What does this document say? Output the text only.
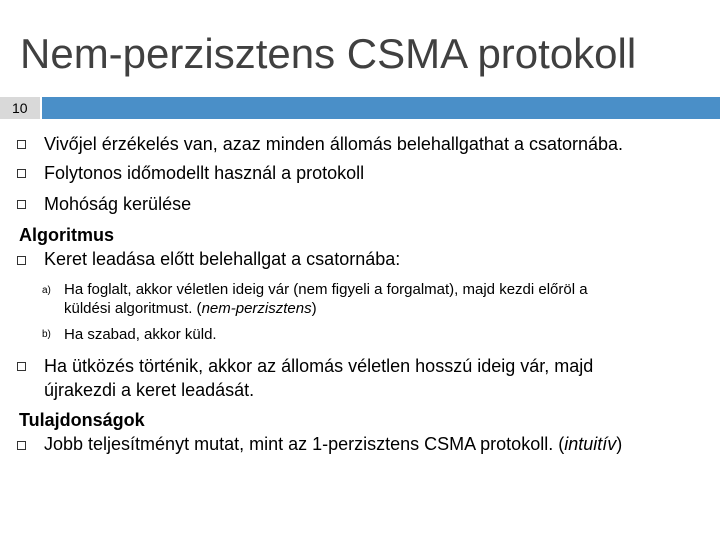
Nem-perzisztens CSMA protokoll
10
Vivőjel érzékelés van, azaz minden állomás belehallgathat a csatornába.
Folytonos időmodellt használ a protokoll
Mohóság kerülése
Algoritmus
Keret leadása előtt belehallgat a csatornába:
a) Ha foglalt, akkor véletlen ideig vár (nem figyeli a forgalmat), majd kezdi előröl a
küldési algoritmust. (nem-perzisztens)
b) Ha szabad, akkor küld.
Ha ütközés történik, akkor az állomás véletlen hosszú ideig vár, majd
újrakezdi a keret leadását.
Tulajdonságok
Jobb teljesítményt mutat, mint az 1-perzisztens CSMA protokoll. (intuitív)
